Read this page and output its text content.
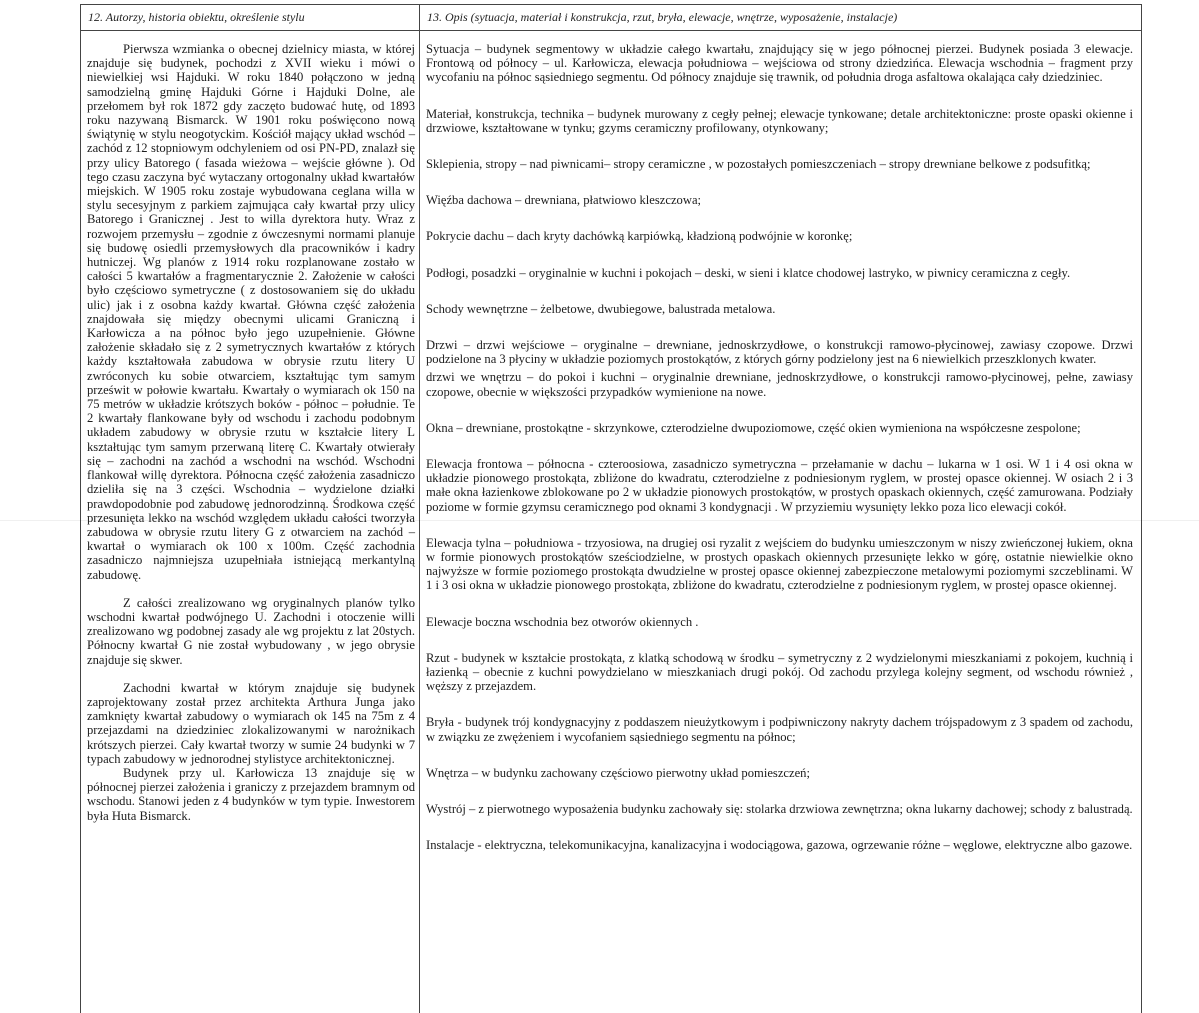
12. Autorzy, historia obiektu, określenie stylu	13. Opis (sytuacja, materiał i konstrukcja, rzut, bryła, elewacje, wnętrze, wyposażenie, instalacje)

Pierwsza wzmianka o obecnej dzielnicy miasta, w której znajduje się budynek, pochodzi z XVII wieku i mówi o niewielkiej wsi Hajduki. W roku 1840 połączono w jedną samodzielną gminę Hajduki Górne i Hajduki Dolne, ale przełomem był rok 1872 gdy zaczęto budować hutę, od 1893 roku nazywaną Bismarck. W 1901 roku poświęcono nową świątynię w stylu neogotyckim. Kościół mający układ wschód – zachód z 12 stopniowym odchyleniem od osi PN-PD, znalazł się przy ulicy Batorego ( fasada wieżowa – wejście główne ). Od tego czasu zaczyna być wytaczany ortogonalny układ kwartałów miejskich. W 1905 roku zostaje wybudowana ceglana willa w stylu secesyjnym z parkiem zajmująca cały kwartał przy ulicy Batorego i Granicznej . Jest to willa dyrektora huty. Wraz z rozwojem przemysłu – zgodnie z ówczesnymi normami planuje się budowę osiedli przemysłowych dla pracowników i kadry hutniczej. Wg planów z 1914 roku rozplanowane zostało w całości 5 kwartałów a fragmentarycznie 2. Założenie w całości było częściowo symetryczne ( z dostosowaniem się do układu ulic) jak i z osobna każdy kwartał. Główna część założenia znajdowała się między obecnymi ulicami Graniczną i Karłowicza a na północ było jego uzupełnienie. Główne założenie składało się z 2 symetrycznych kwartałów z których każdy kształtowała zabudowa w obrysie rzutu litery U zwróconych ku sobie otwarciem, kształtując tym samym prześwit w połowie kwartału. Kwartały o wymiarach ok 150 na 75 metrów w układzie krótszych boków - północ – południe. Te 2 kwartały flankowane były od wschodu i zachodu podobnym układem zabudowy w obrysie rzutu w kształcie litery L kształtując tym samym przerwaną literę C. Kwartały otwierały się – zachodni na zachód a wschodni na wschód. Wschodni flankował willę dyrektora. Północna część założenia zasadniczo dzieliła się na 3 części. Wschodnia – wydzielone działki prawdopodobnie pod zabudowę jednorodzinną. Środkowa część przesunięta lekko na wschód względem układu całości tworzyła zabudowa w obrysie rzutu litery G z otwarciem na zachód – kwartał o wymiarach ok 100 x 100m. Część zachodnia zasadniczo najmniejsza uzupełniała istniejącą merkantylną zabudowę.

Z całości zrealizowano wg oryginalnych planów tylko wschodni kwartał podwójnego U. Zachodni i otoczenie willi zrealizowano wg podobnej zasady ale wg projektu z lat 20stych. Północny kwartał G nie został wybudowany , w jego obrysie znajduje się skwer.

Zachodni kwartał w którym znajduje się budynek zaprojektowany został przez architekta Arthura Junga jako zamknięty kwartał zabudowy o wymiarach ok 145 na 75m z 4 przejazdami na dziedziniec zlokalizowanymi w narożnikach krótszych pierzei. Cały kwartał tworzy w sumie 24 budynki w 7 typach zabudowy w jednorodnej stylistyce architektonicznej.

Budynek przy ul. Karłowicza 13 znajduje się w północnej pierzei założenia i graniczy z przejazdem bramnym od wschodu. Stanowi jeden z 4 budynków w tym typie. Inwestorem była Huta Bismarck.

Sytuacja – budynek segmentowy w układzie całego kwartału, znajdujący się w jego północnej pierzei. Budynek posiada 3 elewacje. Frontową od północy – ul. Karłowicza, elewacja południowa – wejściowa od strony dziedzińca. Elewacja wschodnia – fragment przy wycofaniu na północ sąsiedniego segmentu. Od północy znajduje się trawnik, od południa droga asfaltowa okalająca cały dziedziniec.

Materiał, konstrukcja, technika – budynek murowany z cegły pełnej; elewacje tynkowane; detale architektoniczne: proste opaski okienne i drzwiowe, kształtowane w tynku; gzyms ceramiczny profilowany, otynkowany;

Sklepienia, stropy – nad piwnicami– stropy ceramiczne , w pozostałych pomieszczeniach – stropy drewniane belkowe z podsufitką;

Więźba dachowa – drewniana, płatwiowo kleszczowa;

Pokrycie dachu – dach kryty dachówką karpiówką, kładzioną podwójnie w koronkę;

Podłogi, posadzki – oryginalnie w kuchni i pokojach – deski, w sieni i klatce chodowej lastryko, w piwnicy ceramiczna z cegły.

Schody wewnętrzne – żelbetowe, dwubiegowe, balustrada metalowa.

Drzwi – drzwi wejściowe – oryginalne – drewniane, jednoskrzydłowe, o konstrukcji ramowo-płycinowej, zawiasy czopowe. Drzwi podzielone na 3 płyciny w układzie poziomych prostokątów, z których górny podzielony jest na 6 niewielkich przeszklonych kwater.

drzwi we wnętrzu – do pokoi i kuchni – oryginalnie drewniane, jednoskrzydłowe, o konstrukcji ramowo-płycinowej, pełne, zawiasy czopowe, obecnie w większości przypadków wymienione na nowe.

Okna – drewniane, prostokątne - skrzynkowe, czterodzielne dwupoziomowe, część okien wymieniona na współczesne zespolone;

Elewacja frontowa – północna - czteroosiowa, zasadniczo symetryczna – przełamanie w dachu – lukarna w 1 osi. W 1 i 4 osi okna w układzie pionowego prostokąta, zbliżone do kwadratu, czterodzielne z podniesionym ryglem, w prostej opasce okiennej. W osiach 2 i 3 małe okna łazienkowe zblokowane po 2 w układzie pionowych prostokątów, w prostych opaskach okiennych, część zamurowana. Podziały poziome w formie gzymsu ceramicznego pod oknami 3 kondygnacji . W przyziemiu wysunięty lekko poza lico elewacji cokół.

Elewacja tylna – południowa - trzyosiowa, na drugiej osi ryzalit z wejściem do budynku umieszczonym w niszy zwieńczonej łukiem, okna w formie pionowych prostokątów sześciodzielne, w prostych opaskach okiennych przesunięte lekko w górę, ostatnie niewielkie okno najwyższe w formie poziomego prostokąta dwudzielne w prostej opasce okiennej zabezpieczone metalowymi poziomymi szczeblinami. W 1 i 3 osi okna w układzie pionowego prostokąta, zbliżone do kwadratu, czterodzielne z podniesionym ryglem, w prostej opasce okiennej.

Elewacje boczna wschodnia bez otworów okiennych .

Rzut - budynek w kształcie prostokąta, z klatką schodową w środku – symetryczny z 2 wydzielonymi mieszkaniami z pokojem, kuchnią i łazienką – obecnie z kuchni powydzielano w mieszkaniach drugi pokój. Od zachodu przylega kolejny segment, od wschodu również , węższy z przejazdem.

Bryła - budynek trój kondygnacyjny z poddaszem nieużytkowym i podpiwniczony nakryty dachem trójspadowym z 3 spadem od zachodu, w związku ze zwężeniem i wycofaniem sąsiedniego segmentu na północ;

Wnętrza – w budynku zachowany częściowo pierwotny układ pomieszczeń;

Wystrój – z pierwotnego wyposażenia budynku zachowały się: stolarka drzwiowa zewnętrzna; okna lukarny dachowej; schody z balustradą.

Instalacje - elektryczna, telekomunikacyjna, kanalizacyjna i wodociągowa, gazowa, ogrzewanie różne – węglowe, elektryczne albo gazowe.
